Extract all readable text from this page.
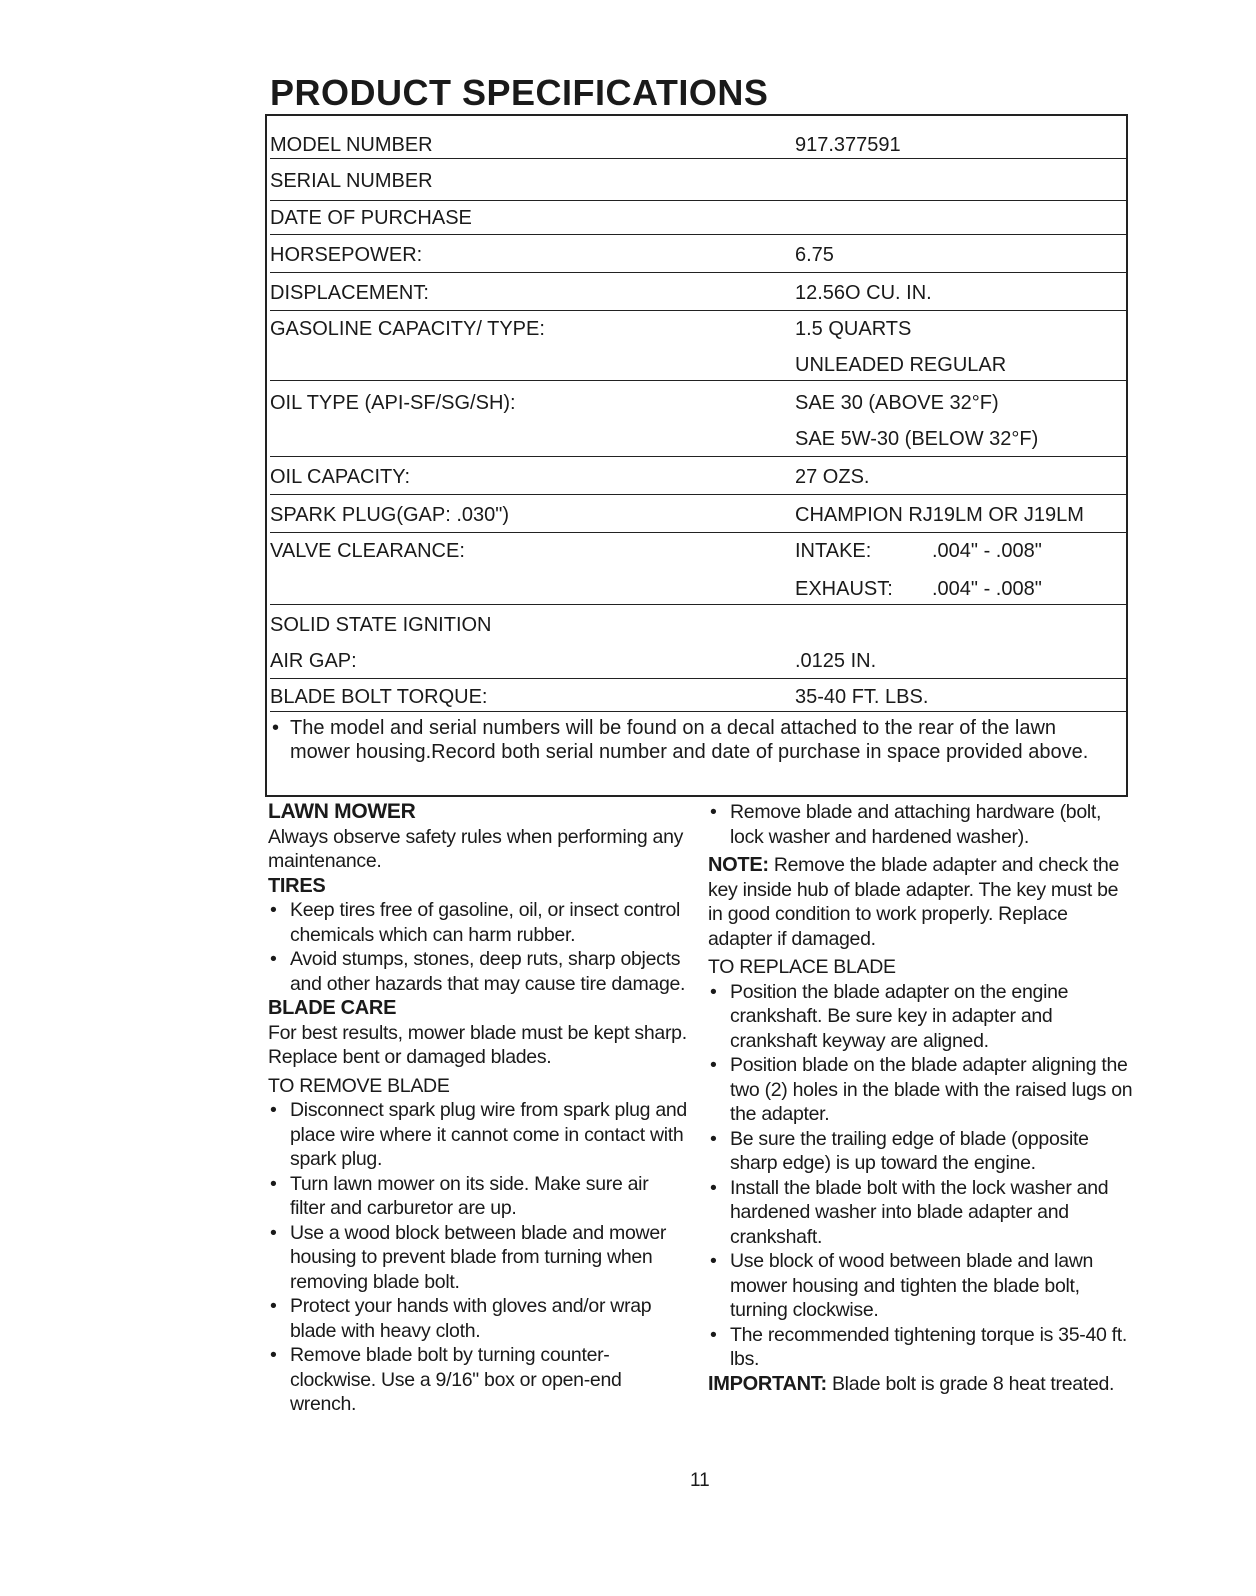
PRODUCT SPECIFICATIONS
MODEL NUMBER	917.377591
SERIAL NUMBER
DATE OF PURCHASE
HORSEPOWER:	6.75
DISPLACEMENT:	12.56O CU. IN.
GASOLINE CAPACITY/ TYPE:	1.5 QUARTS
UNLEADED REGULAR
OIL TYPE (API-SF/SG/SH):	SAE 30 (ABOVE 32°F)
SAE 5W-30 (BELOW 32°F)
OIL CAPACITY:	27 OZS.
SPARK PLUG(GAP: .030")	CHAMPION RJ19LM OR J19LM
VALVE CLEARANCE:	INTAKE:	.004" - .008"
EXHAUST: .004" - .008"
SOLID STATE IGNITION
AIR GAP:	.0125 IN.
BLADE BOLT TORQUE:	35-40 FT. LBS.
• The model and serial numbers will be found on a decal attached to the rear of the lawn mower housing.Record both serial number and date of purchase in space provided above.
LAWN MOWER

Always observe safety rules when performing any maintenance.

TIRES
• Keep tires free of gasoline, oil, or insect control chemicals which can harm rubber.
• Avoid stumps, stones, deep ruts, sharp objects and other hazards that may cause tire damage.
BLADE CARE

For best results, mower blade must be kept sharp. Replace bent or damaged blades.

TO REMOVE BLADE
• Disconnect spark plug wire from spark plug and place wire where it cannot come in contact with spark plug.
• Turn lawn mower on its side. Make sure air filter and carburetor are up.
• Use a wood block between blade and mower housing to prevent blade from turning when removing blade bolt.
• Protect your hands with gloves and/or wrap blade with heavy cloth.
• Remove blade bolt by turning counter-clockwise. Use a 9/16" box or open-end wrench.
• Remove blade and attaching hardware (bolt, lock washer and hardened washer).

NOTE: Remove the blade adapter and check the key inside hub of blade adapter. The key must be in good condition to work properly. Replace adapter if damaged.

TO REPLACE BLADE
• Position the blade adapter on the engine crankshaft. Be sure key in adapter and crankshaft keyway are aligned.
• Position blade on the blade adapter aligning the two (2) holes in the blade with the raised lugs on the adapter.
• Be sure the trailing edge of blade (opposite sharp edge) is up toward the engine.
• Install the blade bolt with the lock washer and hardened washer into blade adapter and crankshaft.
• Use block of wood between blade and lawn mower housing and tighten the blade bolt, turning clockwise.
• The recommended tightening torque is 35-40 ft. lbs.

IMPORTANT: Blade bolt is grade 8 heat treated.

11
